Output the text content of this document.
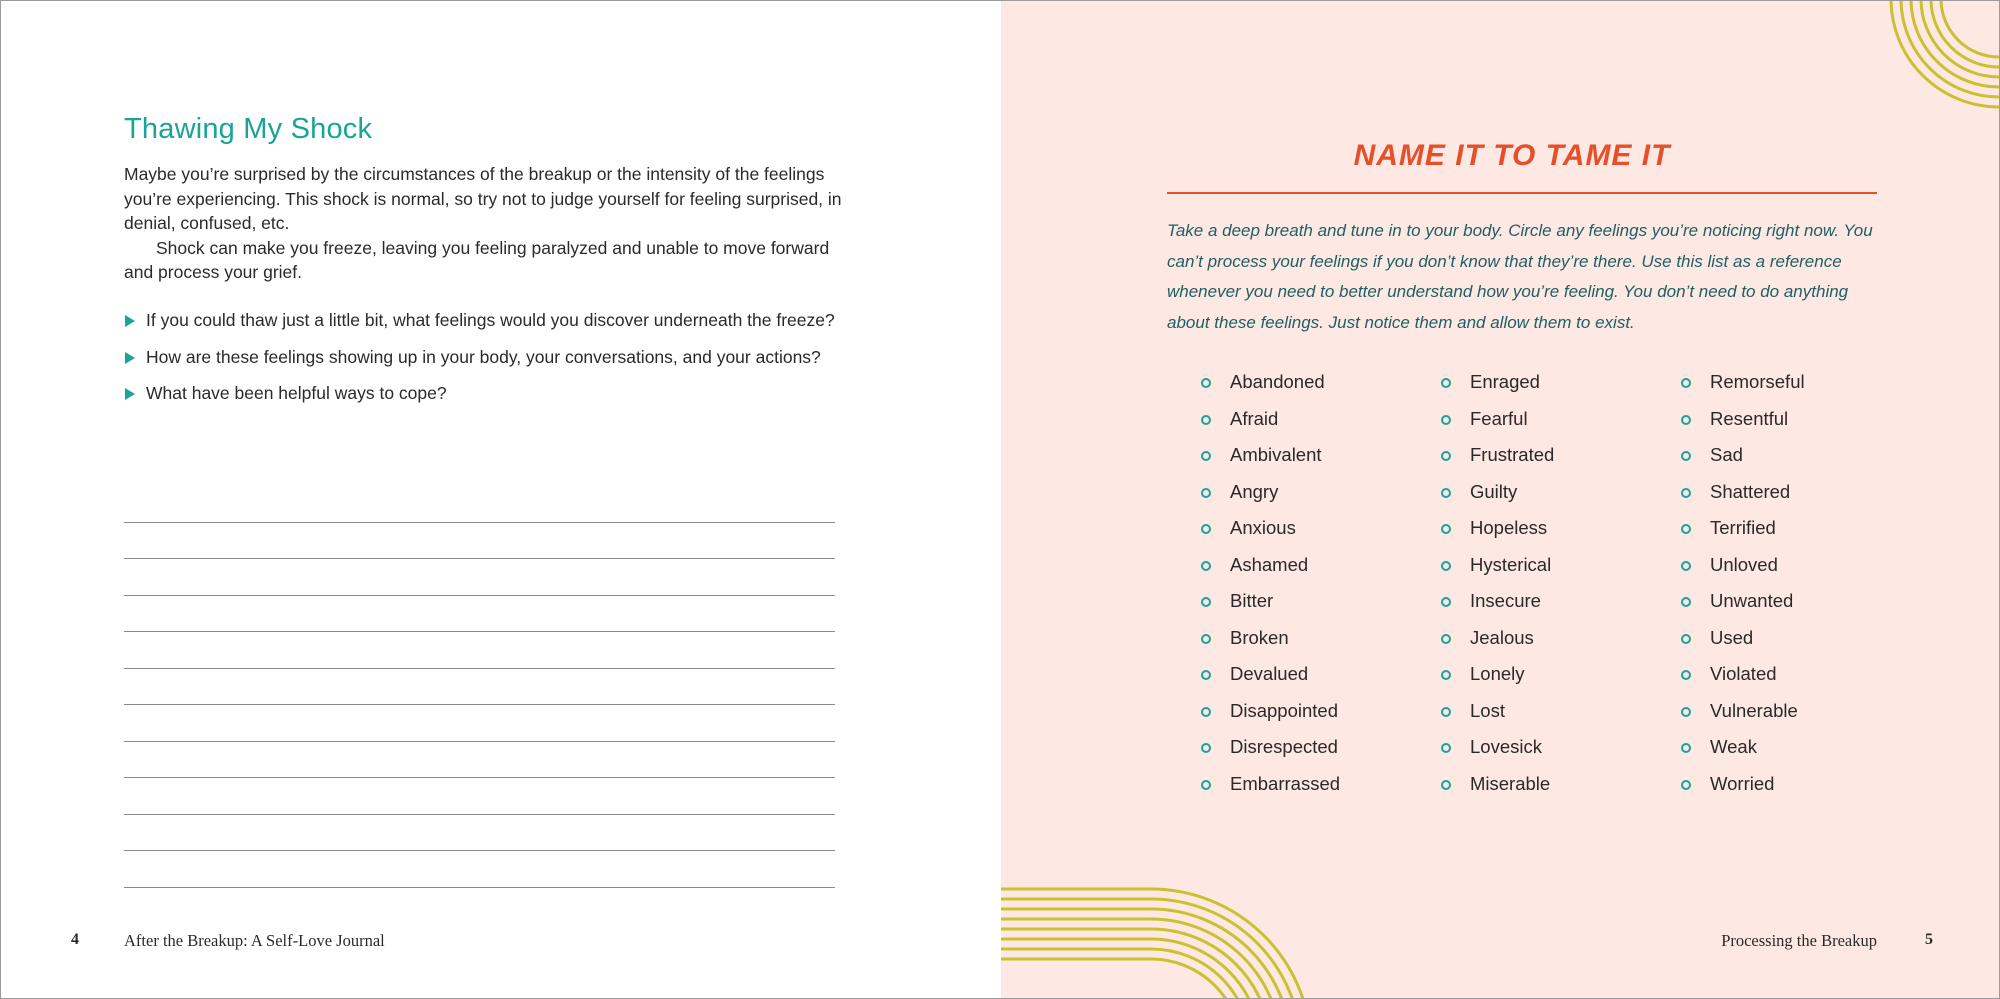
Thawing My Shock

Maybe you’re surprised by the circumstances of the breakup or the intensity of the feelings you’re experiencing. This shock is normal, so try not to judge yourself for feeling surprised, in denial, confused, etc.

Shock can make you freeze, leaving you feeling paralyzed and unable to move forward and process your grief.

If you could thaw just a little bit, what feelings would you discover underneath the freeze?
How are these feelings showing up in your body, your conversations, and your actions?
What have been helpful ways to cope?
4	After the Breakup: A Self-Love Journal
NAME IT TO TAME IT

Take a deep breath and tune in to your body. Circle any feelings you’re noticing right now. You can’t process your feelings if you don’t know that they’re there. Use this list as a reference whenever you need to better understand how you’re feeling. You don’t need to do anything about these feelings. Just notice them and allow them to exist.

Abandoned
Afraid
Ambivalent
Angry
Anxious
Ashamed
Bitter
Broken
Devalued
Disappointed
Disrespected
Embarrassed
Enraged
Fearful
Frustrated
Guilty
Hopeless
Hysterical
Insecure
Jealous
Lonely
Lost
Lovesick
Miserable
Remorseful
Resentful
Sad
Shattered
Terrified
Unloved
Unwanted
Used
Violated
Vulnerable
Weak
Worried
Processing the Breakup	5
